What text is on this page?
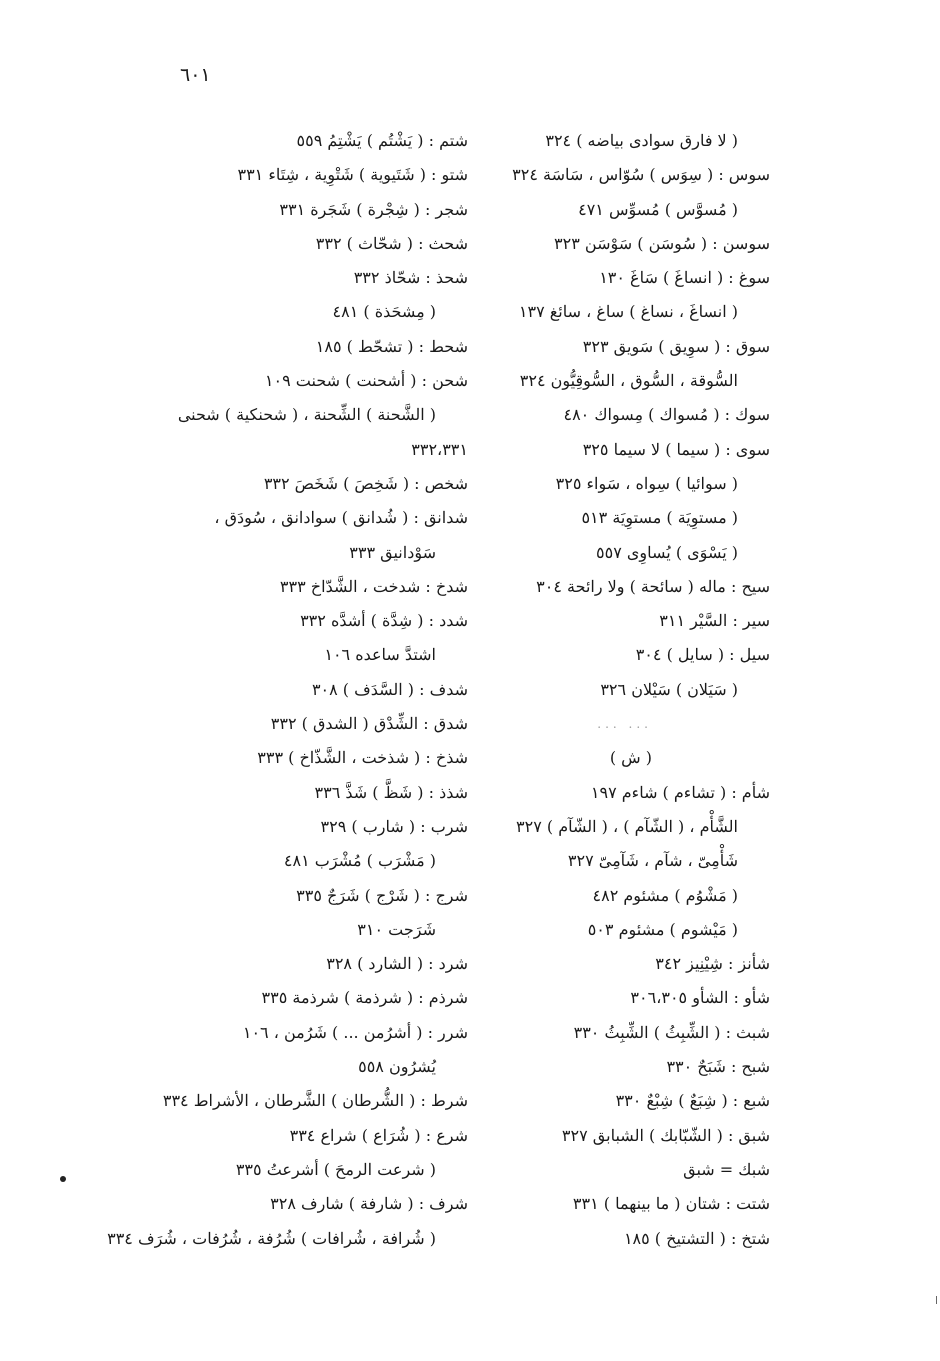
٦٠١
( لا فارق سوادى بياضه ) ٣٢٤
سوس : ( سِوَس ) سُوّاس ، سَاسَة ٣٢٤
( مُسوَّس ) مُسوِّس ٤٧١
سوسن : ( سُوسَن ) سَوْسَن ٣٢٣
سوغ : ( انساغَ ) سَاغَ ١٣٠
( انساغَ ، نساغ ) ساغ ، سائغ ١٣٧
سوق : ( سوِيق ) سَويق ٣٢٣
السُّوقة ، السُّوق ، السُّوقِيُّون ٣٢٤
سوك : ( مُسواك ) مِسواك ٤٨٠
سوى : ( سيما ) لا سيما ٣٢٥
( سوائيا ) سِواه ، سَواء ٣٢٥
( مستوِيَة ) مستوِيَة ٥١٣
( يَسْوَى ) يُساوِى ٥٥٧
سيح : ماله ( سائحة ) ولا رائحة ٣٠٤
سير : السَّيْر ٣١١
سيل : ( سايل ) ٣٠٤
( سَيَلان ) سَيْلان ٣٢٦
... ...
( ش )
شأم : ( تشاءم ) شاءم ١٩٧
الشَّأْم ، ( الشّآم ) ، ( الشّآم ) ٣٢٧
شَأْمِىّ ، شآم ، شَآمِىّ ٣٢٧
( مَشْوُم ) مشئوم ٤٨٢
( مَيْشوم ) مشئوم ٥٠٣
شأنز : شِيْنِيز ٣٤٢
شأو : الشأو ٣٠٦،٣٠٥
شبث : ( الشِّبِثُ ) الشِّبِثُ ٣٣٠
شبح : شَبَحٌ ٣٣٠
شبع : ( شِبَعٌ ) شِبْعٌ ٣٣٠
شبق : ( الشّبّابك ) الشبابق ٣٢٧
شبك = شبق
شتت : شتان ( ما بينهما ) ٣٣١
شتخ : ( التشتيخ ) ١٨٥
شتم : ( يَشْتُم ) يَشْتِمُ ٥٥٩
شتو : ( شَتَيوية ) شَتْوِية ، شِتَاء ٣٣١
شجر : ( شِجْرة ) شَجَرة ٣٣١
شحث : ( شحّاث ) ٣٣٢
شحذ : شحّاذ ٣٣٢
( مِشحَذة ) ٤٨١
شحط : ( تشحّط ) ١٨٥
شحن : ( أشحنت ) شحنت ١٠٩
( الشَّحنة ) الشِّحنة ، ( شحنكية ) شحنى
٣٣٢،٣٣١
شخص : ( شَخِصَ ) شَخَصَ ٣٣٢
شدانق : ( شُدانق ) سوادانق ، سُودَق ،
سَوْدانيق ٣٣٣
شدخ : شدخت ، الشَّدّاخ ٣٣٣
شدد : ( شِدَّة ) أشدَّه ٣٣٢
اشتدَّ ساعده ١٠٦
شدف : ( السَّدَف ) ٣٠٨
شدق : الشِّدْق ( الشدق ) ٣٣٢
شذخ : ( شذخت ، الشَّذّاخ ) ٣٣٣
شذذ : ( شَظَّ ) شَذَّ ٣٣٦
شرب : ( شارب ) ٣٢٩
( مَشْرَب ) مُشْرَب ٤٨١
شرج : ( شَرْج ) شَرَجٌ ٣٣٥
شَرَجت ٣١٠
شرد : ( الشارد ) ٣٢٨
شرذم : ( شرذمة ) شرذمة ٣٣٥
شرر : ( أشرُمن ... ) شَرُمن ، ١٠٦
يُشرُون ٥٥٨
شرط : ( الشُّرطان ) الشَّرطان ، الأشراط ٣٣٤
شرع : ( شُرَاع ) شراع ٣٣٤
( شرعت الرمحَ ) أشرعتُ ٣٣٥
شرف : ( شارفة ) شارف ٣٢٨
( شُرافة ، شُرافات ) شُرُفة ، شُرُفات ، شُرَف ٣٣٤
